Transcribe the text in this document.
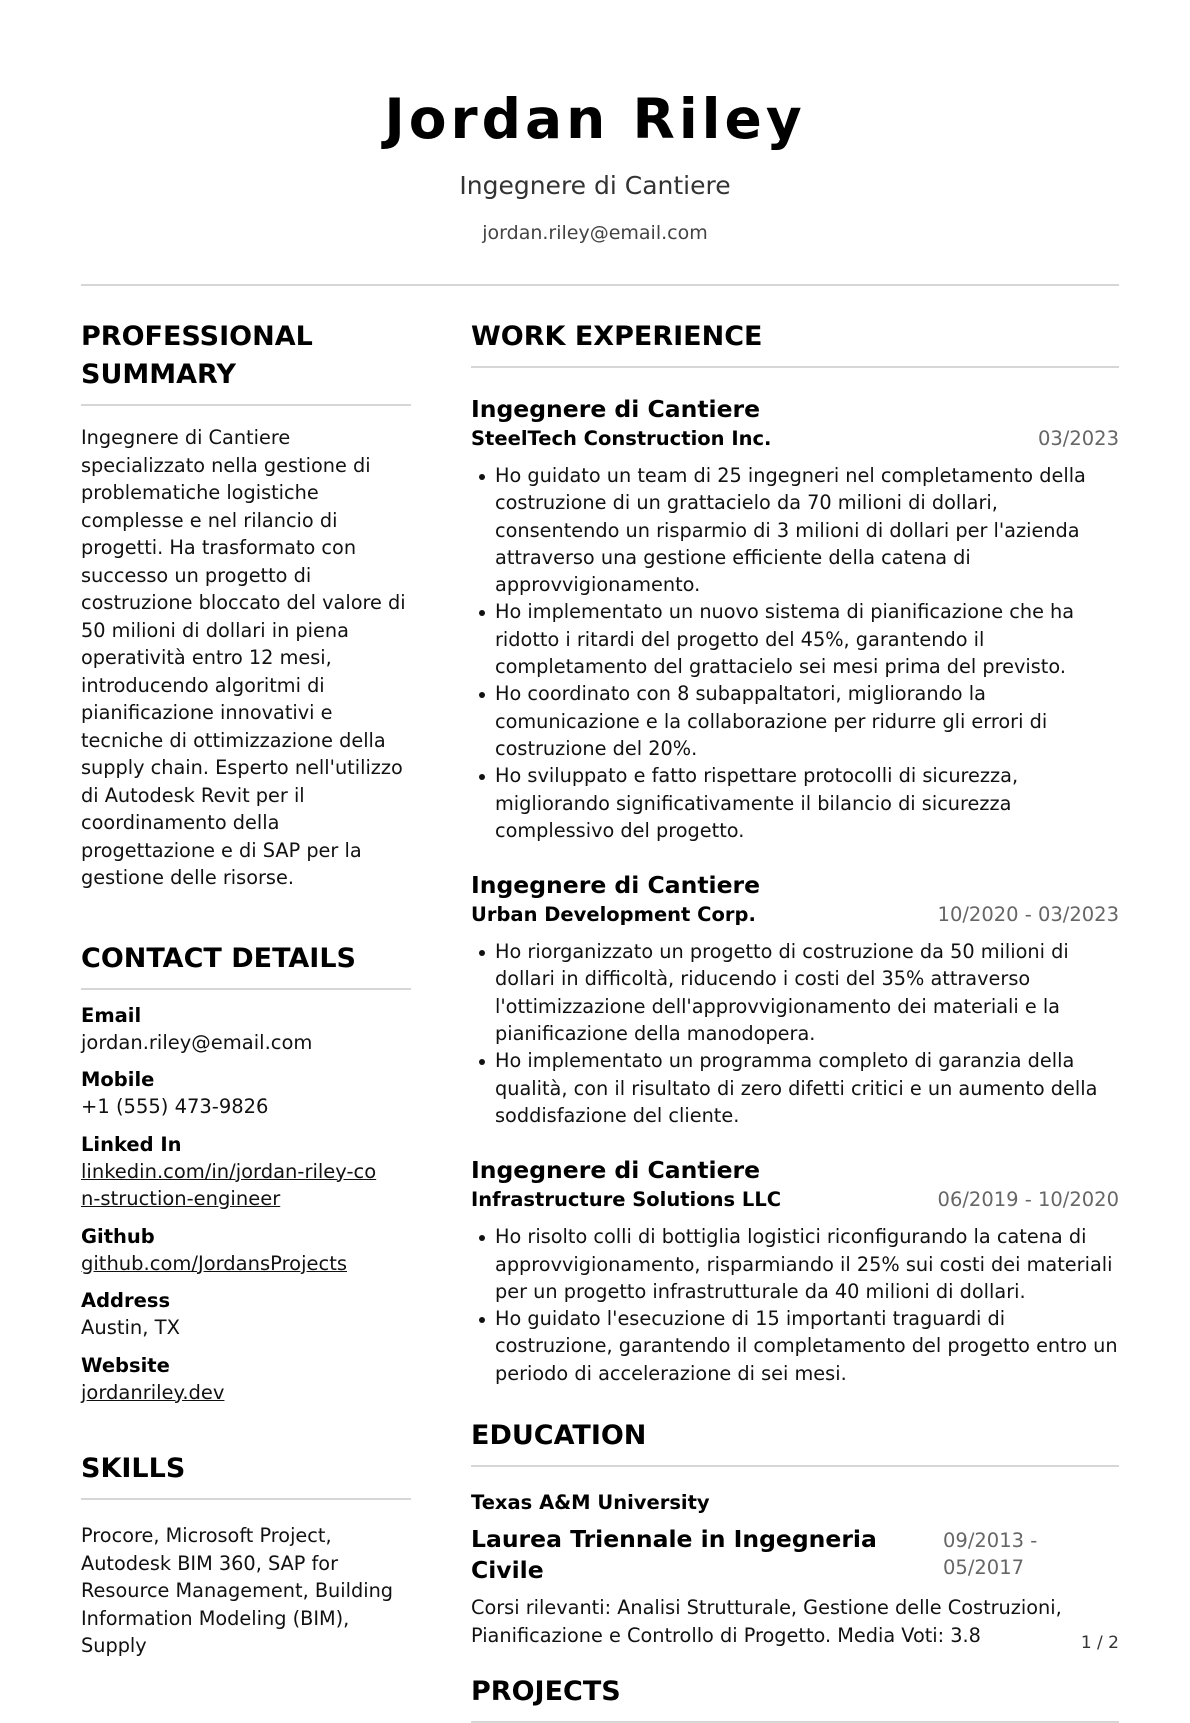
Jordan Riley
Ingegnere di Cantiere
jordan.riley@email.com
PROFESSIONAL SUMMARY
Ingegnere di Cantiere specializzato nella gestione di problematiche logistiche complesse e nel rilancio di progetti. Ha trasformato con successo un progetto di costruzione bloccato del valore di 50 milioni di dollari in piena operatività entro 12 mesi, introducendo algoritmi di pianificazione innovativi e tecniche di ottimizzazione della supply chain. Esperto nell'utilizzo di Autodesk Revit per il coordinamento della progettazione e di SAP per la gestione delle risorse.
CONTACT DETAILS
Email
jordan.riley@email.com
Mobile
+1 (555) 473-9826
Linked In
linkedin.com/in/jordan-riley-con-struction-engineer
Github
github.com/JordansProjects
Address
Austin, TX
Website
jordanriley.dev
SKILLS
Procore, Microsoft Project, Autodesk BIM 360, SAP for Resource Management, Building Information Modeling (BIM), Supply
WORK EXPERIENCE
Ingegnere di Cantiere
SteelTech Construction Inc.	03/2023
Ho guidato un team di 25 ingegneri nel completamento della costruzione di un grattacielo da 70 milioni di dollari, consentendo un risparmio di 3 milioni di dollari per l'azienda attraverso una gestione efficiente della catena di approvvigionamento.
Ho implementato un nuovo sistema di pianificazione che ha ridotto i ritardi del progetto del 45%, garantendo il completamento del grattacielo sei mesi prima del previsto.
Ho coordinato con 8 subappaltatori, migliorando la comunicazione e la collaborazione per ridurre gli errori di costruzione del 20%.
Ho sviluppato e fatto rispettare protocolli di sicurezza, migliorando significativamente il bilancio di sicurezza complessivo del progetto.
Ingegnere di Cantiere
Urban Development Corp.	10/2020 - 03/2023
Ho riorganizzato un progetto di costruzione da 50 milioni di dollari in difficoltà, riducendo i costi del 35% attraverso l'ottimizzazione dell'approvvigionamento dei materiali e la pianificazione della manodopera.
Ho implementato un programma completo di garanzia della qualità, con il risultato di zero difetti critici e un aumento della soddisfazione del cliente.
Ingegnere di Cantiere
Infrastructure Solutions LLC	06/2019 - 10/2020
Ho risolto colli di bottiglia logistici riconfigurando la catena di approvvigionamento, risparmiando il 25% sui costi dei materiali per un progetto infrastrutturale da 40 milioni di dollari.
Ho guidato l'esecuzione di 15 importanti traguardi di costruzione, garantendo il completamento del progetto entro un periodo di accelerazione di sei mesi.
EDUCATION
Texas A&M University
Laurea Triennale in Ingegneria Civile
09/2013 - 05/2017
Corsi rilevanti: Analisi Strutturale, Gestione delle Costruzioni, Pianificazione e Controllo di Progetto. Media Voti: 3.8
PROJECTS
1 / 2
